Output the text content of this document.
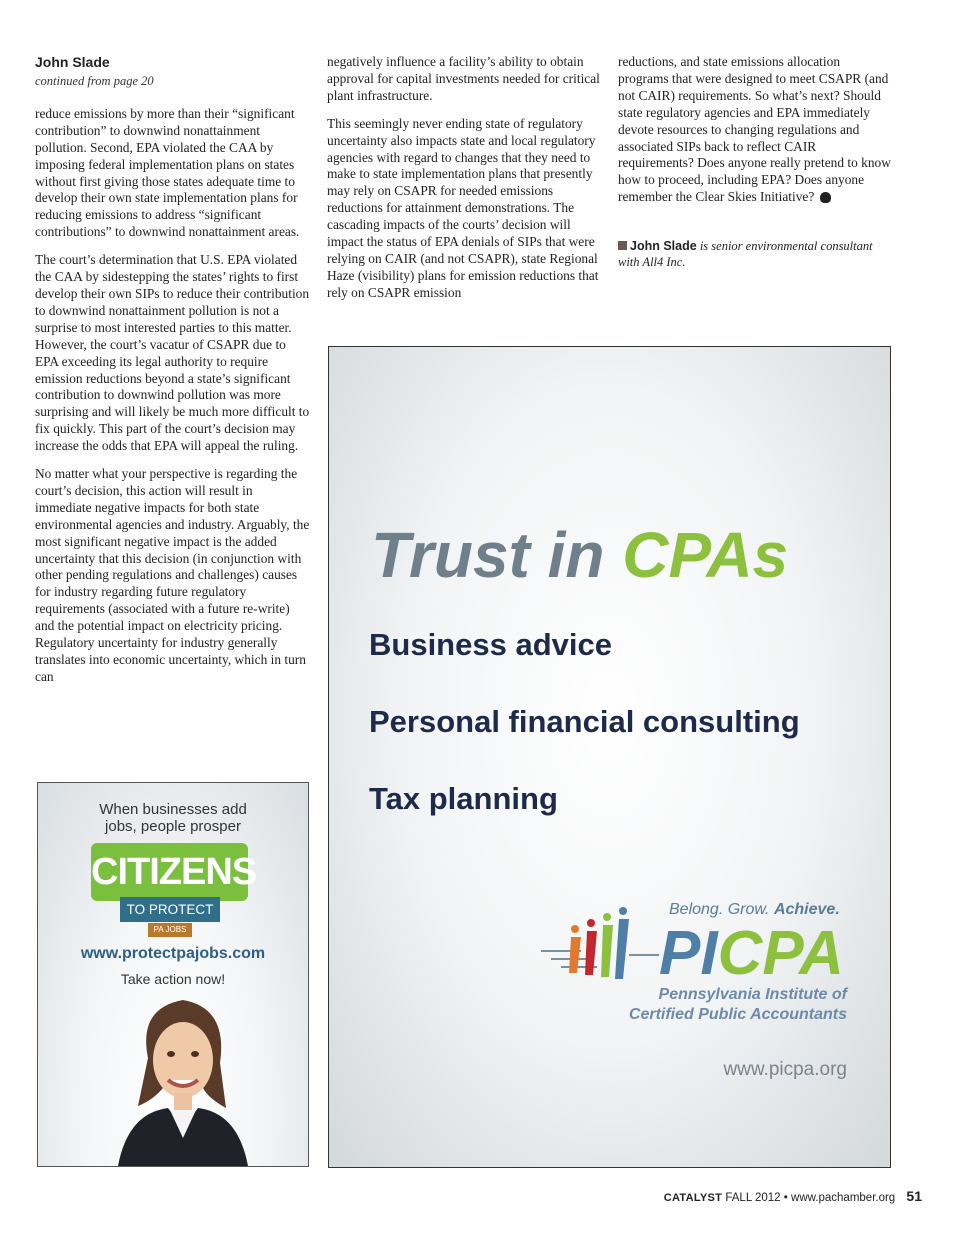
John Slade

continued from page 20

reduce emissions by more than their “significant contribution” to downwind nonattainment pollution. Second, EPA violated the CAA by imposing federal implementation plans on states without first giving those states adequate time to develop their own state implementation plans for reducing emissions to address “significant contributions” to downwind nonattainment areas.

The court’s determination that U.S. EPA violated the CAA by sidestepping the states’ rights to first develop their own SIPs to reduce their contribution to downwind nonattainment pollution is not a surprise to most interested parties to this matter. However, the court’s vacatur of CSAPR due to EPA exceeding its legal authority to require emission reductions beyond a state’s significant contribution to downwind pollution was more surprising and will likely be much more difficult to fix quickly. This part of the court’s decision may increase the odds that EPA will appeal the ruling.

No matter what your perspective is regarding the court’s decision, this action will result in immediate negative impacts for both state environmental agencies and industry. Arguably, the most significant negative impact is the added uncertainty that this decision (in conjunction with other pending regulations and challenges) causes for industry regarding future regulatory requirements (associated with a future re-write) and the potential impact on electricity pricing. Regulatory uncertainty for industry generally translates into economic uncertainty, which in turn can

negatively influence a facility’s ability to obtain approval for capital investments needed for critical plant infrastructure.

This seemingly never ending state of regulatory uncertainty also impacts state and local regulatory agencies with regard to changes that they need to make to state implementation plans that presently may rely on CSAPR for needed emissions reductions for attainment demonstrations. The cascading impacts of the courts’ decision will impact the status of EPA denials of SIPs that were relying on CAIR (and not CSAPR), state Regional Haze (visibility) plans for emission reductions that rely on CSAPR emission

reductions, and state emissions allocation programs that were designed to meet CSAPR (and not CAIR) requirements. So what’s next? Should state regulatory agencies and EPA immediately devote resources to changing regulations and associated SIPs back to reflect CAIR requirements? Does anyone really pretend to know how to proceed, including EPA? Does anyone remember the Clear Skies Initiative?

John Slade is senior environmental consultant with All4 Inc.

When businesses add jobs, people prosper
CITIZENS
TO PROTECT
PA JOBS
www.protectpajobs.com
Take action now!
Trust in CPAs
Business advice
Personal financial consulting
Tax planning
Belong. Grow. Achieve.
PICPA
Pennsylvania Institute of
Certified Public Accountants
www.picpa.org
CATALYST FALL 2012 • www.pachamber.org 51
